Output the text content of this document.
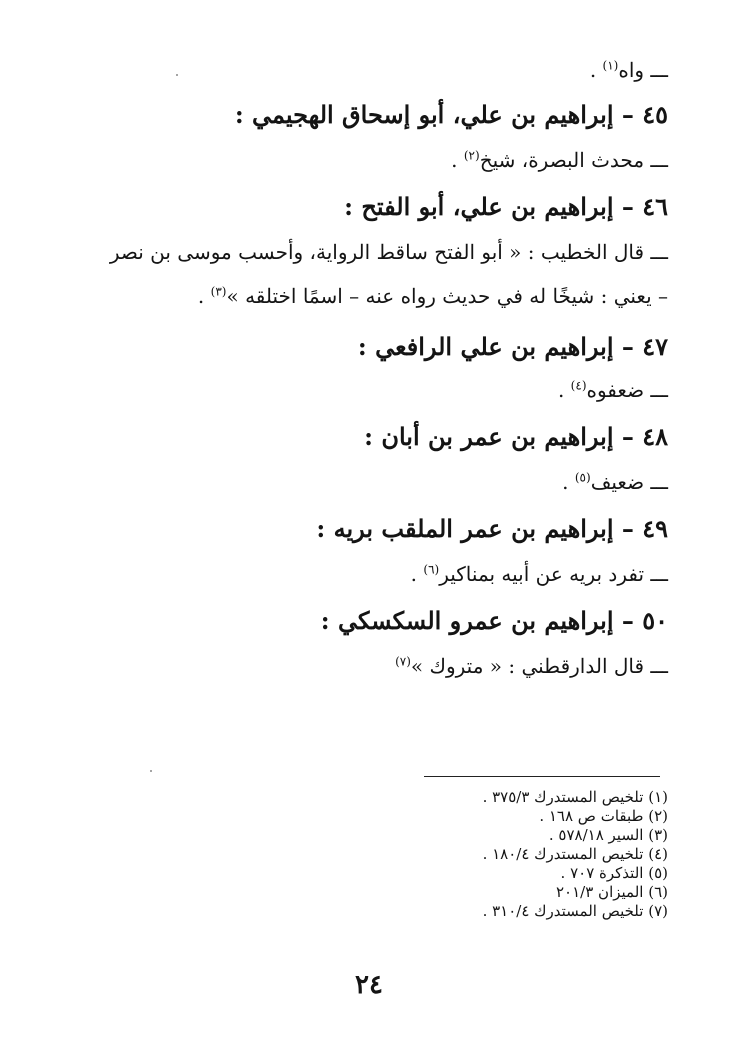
ـــ واه$^{(١)}$ .
٤٥ – إبراهيم بن علي، أبو إسحاق الهجيمي :
ـــ محدث البصرة، شيخ$^{(٢)}$ .
٤٦ – إبراهيم بن علي، أبو الفتح :
ـــ قال الخطيب : « أبو الفتح ساقط الرواية، وأحسب موسى بن نصر
– يعني : شيخًا له في حديث رواه عنه – اسمًا اختلقه »$^{(٣)}$ .
٤٧ – إبراهيم بن علي الرافعي :
ـــ ضعفوه$^{(٤)}$ .
٤٨ – إبراهيم بن عمر بن أبان :
ـــ ضعيف$^{(٥)}$ .
٤٩ – إبراهيم بن عمر الملقب بريه :
ـــ تفرد بريه عن أبيه بمناكير$^{(٦)}$ .
٥٠ – إبراهيم بن عمرو السكسكي :
ـــ قال الدارقطني : « متروك »$^{(٧)}$
(١) تلخيص المستدرك ٣٧٥/٣ .
(٢) طبقات ص ١٦٨ .
(٣) السير ٥٧٨/١٨ .
(٤) تلخيص المستدرك ١٨٠/٤ .
(٥) التذكرة ٧٠٧ .
(٦) الميزان ٢٠١/٣
(٧) تلخيص المستدرك ٣١٠/٤ .
٢٤
